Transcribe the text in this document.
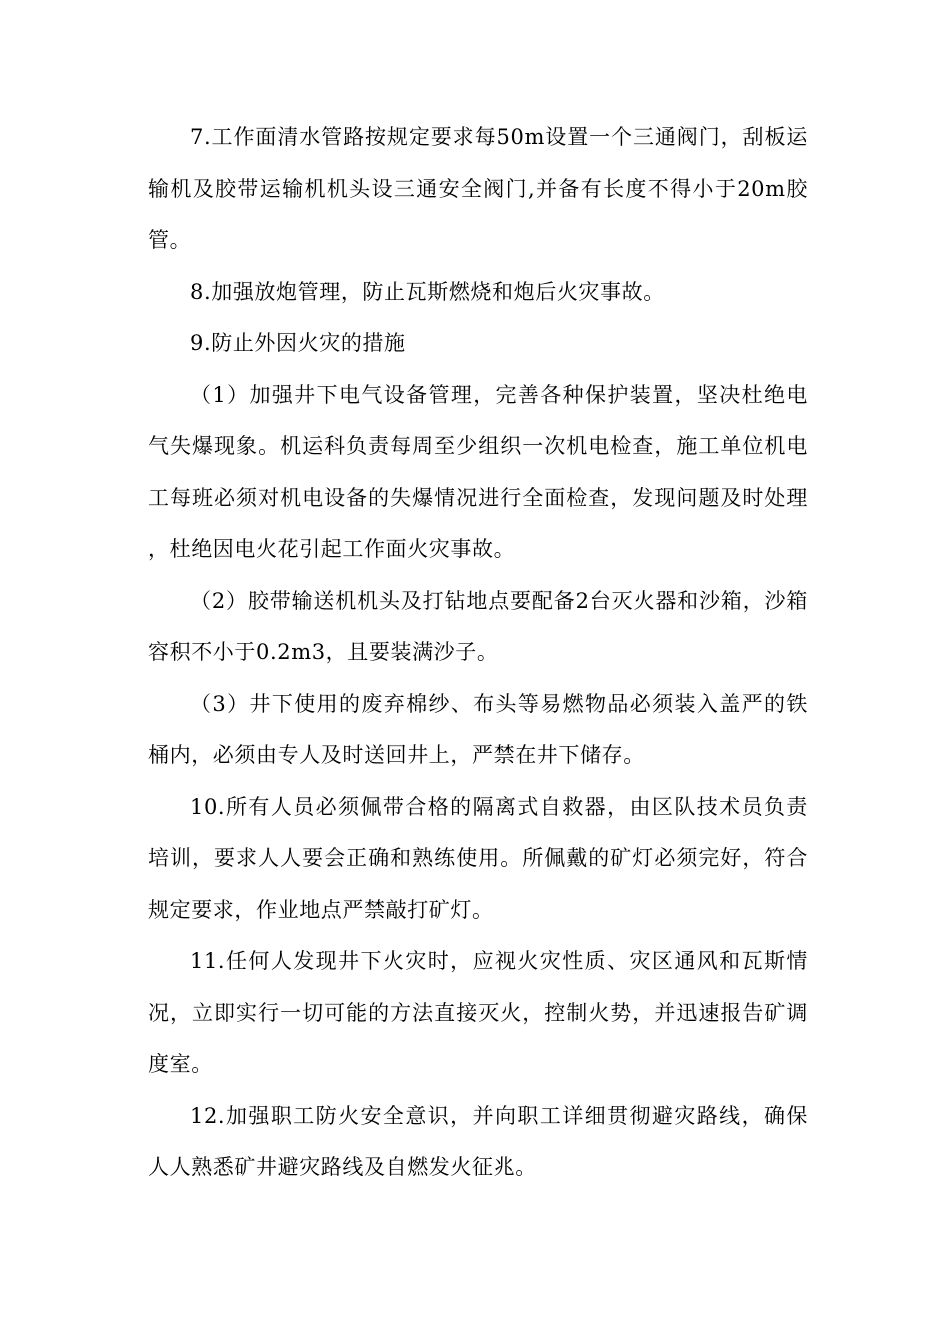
7.工作面清水管路按规定要求每50m设置一个三通阀门，刮板运输机及胶带运输机机头设三通安全阀门,并备有长度不得小于20m胶管。

8.加强放炮管理，防止瓦斯燃烧和炮后火灾事故。

9.防止外因火灾的措施

（1）加强井下电气设备管理，完善各种保护装置，坚决杜绝电气失爆现象。机运科负责每周至少组织一次机电检查，施工单位机电工每班必须对机电设备的失爆情况进行全面检查，发现问题及时处理，杜绝因电火花引起工作面火灾事故。

（2）胶带输送机机头及打钻地点要配备2台灭火器和沙箱，沙箱容积不小于0.2m3，且要装满沙子。

（3）井下使用的废弃棉纱、布头等易燃物品必须装入盖严的铁桶内，必须由专人及时送回井上，严禁在井下储存。

10.所有人员必须佩带合格的隔离式自救器，由区队技术员负责培训，要求人人要会正确和熟练使用。所佩戴的矿灯必须完好，符合规定要求，作业地点严禁敲打矿灯。

11.任何人发现井下火灾时，应视火灾性质、灾区通风和瓦斯情况，立即实行一切可能的方法直接灭火，控制火势，并迅速报告矿调度室。

12.加强职工防火安全意识，并向职工详细贯彻避灾路线，确保人人熟悉矿井避灾路线及自燃发火征兆。
